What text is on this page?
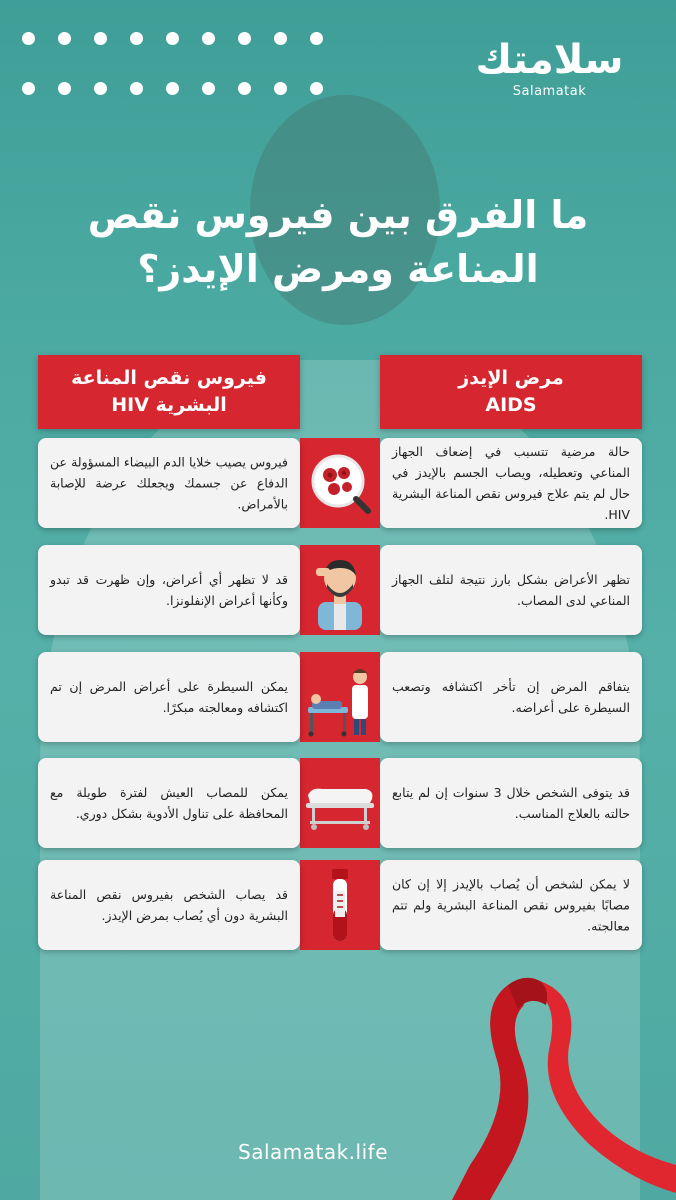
سلامتك
Salamatak
ما الفرق بين فيروس نقص
المناعة ومرض الإيدز؟
مرض الإيدز
AIDS
فيروس نقص المناعة
البشرية HIV
حالة مرضية تتسبب في إضعاف الجهاز المناعي وتعطيله، ويصاب الجسم بالإيدز في حال لم يتم علاج فيروس نقص المناعة البشرية HIV.
فيروس يصيب خلايا الدم البيضاء المسؤولة عن الدفاع عن جسمك ويجعلك عرضة للإصابة بالأمراض.
تظهر الأعراض بشكل بارز نتيجة لتلف الجهاز المناعي لدى المصاب.
قد لا تظهر أي أعراض، وإن ظهرت قد تبدو وكأنها أعراض الإنفلونزا.
يتفاقم المرض إن تأخر اكتشافه وتصعب السيطرة على أعراضه.
يمكن السيطرة على أعراض المرض إن تم اكتشافه ومعالجته مبكرًا.
قد يتوفى الشخص خلال 3 سنوات إن لم يتابع حالته بالعلاج المناسب.
يمكن للمصاب العيش لفترة طويلة مع المحافظة على تناول الأدوية بشكل دوري.
لا يمكن لشخص أن يُصاب بالإيدز إلا إن كان مصابًا بفيروس نقص المناعة البشرية ولم تتم معالجته.
قد يصاب الشخص بفيروس نقص المناعة البشرية دون أي يُصاب بمرض الإيدز.
Salamatak.life
